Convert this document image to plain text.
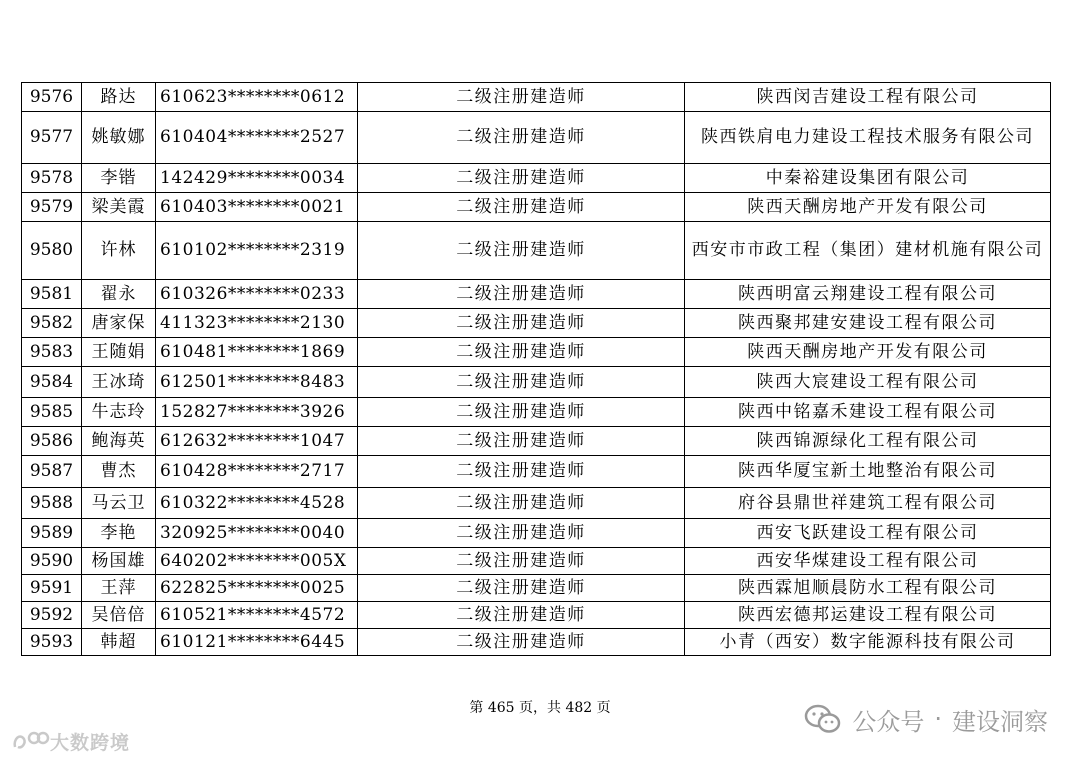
9576	路达	610623********0612	二级注册建造师	陕西闵吉建设工程有限公司
9577	姚敏娜	610404********2527	二级注册建造师	陕西铁肩电力建设工程技术服务有限公司
9578	李锴	142429********0034	二级注册建造师	中秦裕建设集团有限公司
9579	梁美霞	610403********0021	二级注册建造师	陕西天酬房地产开发有限公司
9580	许林	610102********2319	二级注册建造师	西安市市政工程（集团）建材机施有限公司
9581	翟永	610326********0233	二级注册建造师	陕西明富云翔建设工程有限公司
9582	唐家保	411323********2130	二级注册建造师	陕西聚邦建安建设工程有限公司
9583	王随娟	610481********1869	二级注册建造师	陕西天酬房地产开发有限公司
9584	王冰琦	612501********8483	二级注册建造师	陕西大宸建设工程有限公司
9585	牛志玲	152827********3926	二级注册建造师	陕西中铭嘉禾建设工程有限公司
9586	鲍海英	612632********1047	二级注册建造师	陕西锦源绿化工程有限公司
9587	曹杰	610428********2717	二级注册建造师	陕西华厦宝新土地整治有限公司
9588	马云卫	610322********4528	二级注册建造师	府谷县鼎世祥建筑工程有限公司
9589	李艳	320925********0040	二级注册建造师	西安飞跃建设工程有限公司
9590	杨国雄	640202********005X	二级注册建造师	西安华煤建设工程有限公司
9591	王萍	622825********0025	二级注册建造师	陕西霖旭顺晨防水工程有限公司
9592	吴倍倍	610521********4572	二级注册建造师	陕西宏德邦运建设工程有限公司
9593	韩超	610121********6445	二级注册建造师	小青（西安）数字能源科技有限公司
第 465 页，共 482 页
大数跨境
公众号 · 建设洞察
